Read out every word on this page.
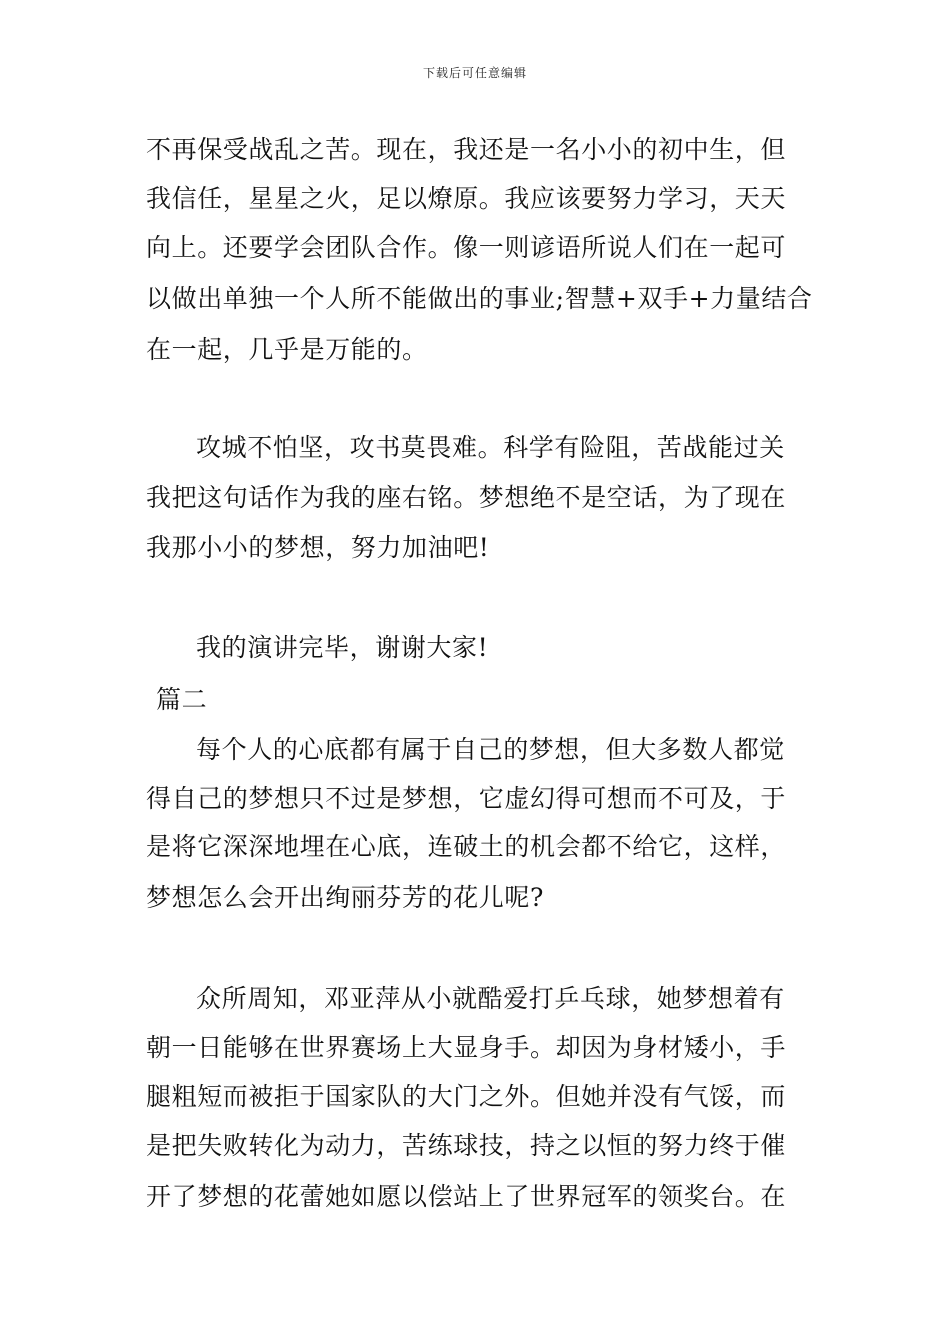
下载后可任意编辑
不再保受战乱之苦。现在，我还是一名小小的初中生，但
我信任，星星之火，足以燎原。我应该要努力学习，天天
向上。还要学会团队合作。像一则谚语所说人们在一起可
以做出单独一个人所不能做出的事业;智慧+双手+力量结合
在一起，几乎是万能的。
攻城不怕坚，攻书莫畏难。科学有险阻，苦战能过关
我把这句话作为我的座右铭。梦想绝不是空话，为了现在
我那小小的梦想，努力加油吧!
我的演讲完毕，谢谢大家!
篇二
每个人的心底都有属于自己的梦想，但大多数人都觉
得自己的梦想只不过是梦想，它虚幻得可想而不可及，于
是将它深深地埋在心底，连破土的机会都不给它，这样，
梦想怎么会开出绚丽芬芳的花儿呢?
众所周知，邓亚萍从小就酷爱打乒乓球，她梦想着有
朝一日能够在世界赛场上大显身手。却因为身材矮小，手
腿粗短而被拒于国家队的大门之外。但她并没有气馁，而
是把失败转化为动力，苦练球技，持之以恒的努力终于催
开了梦想的花蕾她如愿以偿站上了世界冠军的领奖台。在
